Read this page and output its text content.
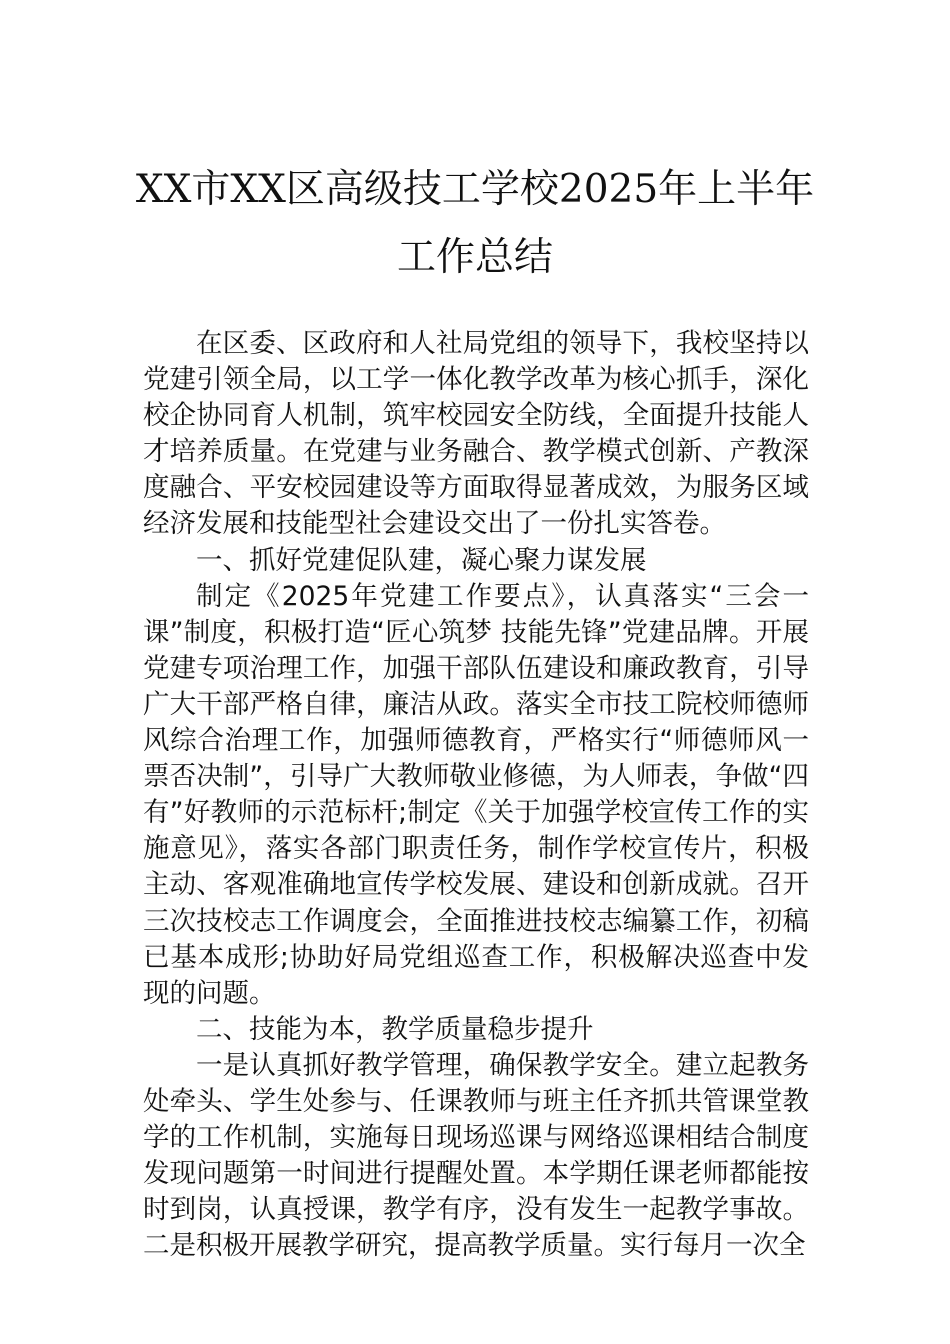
XX市XX区高级技工学校2025年上半年
工作总结

在区委、区政府和人社局党组的领导下，我校坚持以党建引领全局，以工学一体化教学改革为核心抓手，深化校企协同育人机制，筑牢校园安全防线，全面提升技能人才培养质量。在党建与业务融合、教学模式创新、产教深度融合、平安校园建设等方面取得显著成效，为服务区域经济发展和技能型社会建设交出了一份扎实答卷。

一、抓好党建促队建，凝心聚力谋发展

制定《2025年党建工作要点》，认真落实“三会一课”制度，积极打造“匠心筑梦 技能先锋”党建品牌。开展党建专项治理工作，加强干部队伍建设和廉政教育，引导广大干部严格自律，廉洁从政。落实全市技工院校师德师风综合治理工作，加强师德教育，严格实行“师德师风一票否决制”，引导广大教师敬业修德，为人师表，争做“四有”好教师的示范标杆;制定《关于加强学校宣传工作的实施意见》，落实各部门职责任务，制作学校宣传片，积极主动、客观准确地宣传学校发展、建设和创新成就。召开三次技校志工作调度会，全面推进技校志编纂工作，初稿已基本成形;协助好局党组巡查工作，积极解决巡查中发现的问题。

二、技能为本，教学质量稳步提升

一是认真抓好教学管理，确保教学安全。建立起教务处牵头、学生处参与、任课教师与班主任齐抓共管课堂教学的工作机制，实施每日现场巡课与网络巡课相结合制度发现问题第一时间进行提醒处置。本学期任课老师都能按时到岗，认真授课，教学有序，没有发生一起教学事故。二是积极开展教学研究，提高教学质量。实行每月一次全
